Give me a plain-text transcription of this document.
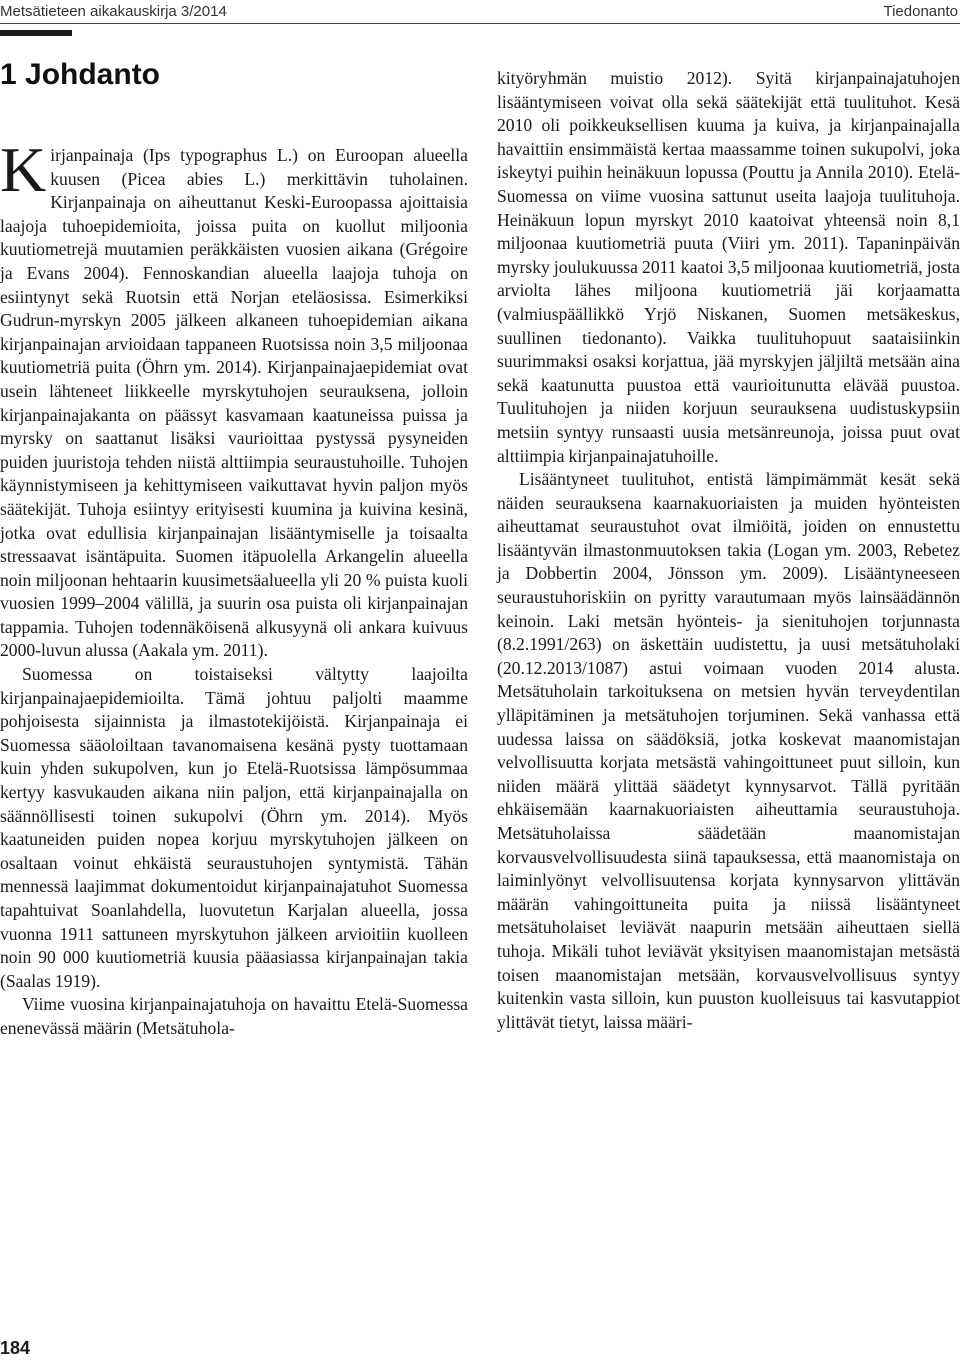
Metsätieteen aikakauskirja 3/2014	Tiedonanto
1 Johdanto

Kirjanpainaja (Ips typographus L.) on Euroopan alueella kuusen (Picea abies L.) merkittävin tuholainen. Kirjanpainaja on aiheuttanut Keski-Euroopassa ajoittaisia laajoja tuhoepidemioita, joissa puita on kuollut miljoonia kuutiometrejä muutamien peräkkäisten vuosien aikana (Grégoire ja Evans 2004). Fennoskandian alueella laajoja tuhoja on esiintynyt sekä Ruotsin että Norjan eteläosissa. Esimerkiksi Gudrun-myrskyn 2005 jälkeen alkaneen tuhoepidemian aikana kirjanpainajan arvioidaan tappaneen Ruotsissa noin 3,5 miljoonaa kuutiometriä puita (Öhrn ym. 2014). Kirjanpainajaepidemiat ovat usein lähteneet liikkeelle myrskytuhojen seurauksena, jolloin kirjanpainajakanta on päässyt kasvamaan kaatuneissa puissa ja myrsky on saattanut lisäksi vaurioittaa pystyssä pysyneiden puiden juuristoja tehden niistä alttiimpia seuraustuhoille. Tuhojen käynnistymiseen ja kehittymiseen vaikuttavat hyvin paljon myös säätekijät. Tuhoja esiintyy erityisesti kuumina ja kuivina kesinä, jotka ovat edullisia kirjanpainajan lisääntymiselle ja toisaalta stressaavat isäntäpuita. Suomen itäpuolella Arkangelin alueella noin miljoonan hehtaarin kuusimetsäalueella yli 20 % puista kuoli vuosien 1999–2004 välillä, ja suurin osa puista oli kirjanpainajan tappamia. Tuhojen todennäköisenä alkusyynä oli ankara kuivuus 2000-luvun alussa (Aakala ym. 2011).

Suomessa on toistaiseksi vältytty laajoilta kirjanpainajaepidemioilta. Tämä johtuu paljolti maamme pohjoisesta sijainnista ja ilmastotekijöistä. Kirjanpainaja ei Suomessa sääoloiltaan tavanomaisena kesänä pysty tuottamaan kuin yhden sukupolven, kun jo Etelä-Ruotsissa lämpösummaa kertyy kasvukauden aikana niin paljon, että kirjanpainajalla on säännöllisesti toinen sukupolvi (Öhrn ym. 2014). Myös kaatuneiden puiden nopea korjuu myrskytuhojen jälkeen on osaltaan voinut ehkäistä seuraustuhojen syntymistä. Tähän mennessä laajimmat dokumentoidut kirjanpainajatuhot Suomessa tapahtuivat Soanlahdella, luovutetun Karjalan alueella, jossa vuonna 1911 sattuneen myrskytuhon jälkeen arvioitiin kuolleen noin 90 000 kuutiometriä kuusia pääasiassa kirjanpainajan takia (Saalas 1919).

Viime vuosina kirjanpainajatuhoja on havaittu Etelä-Suomessa enenevässä määrin (Metsätuhola-

kityöryhmän muistio 2012). Syitä kirjanpainajatuhojen lisääntymiseen voivat olla sekä säätekijät että tuulituhot. Kesä 2010 oli poikkeuksellisen kuuma ja kuiva, ja kirjanpainajalla havaittiin ensimmäistä kertaa maassamme toinen sukupolvi, joka iskeytyi puihin heinäkuun lopussa (Pouttu ja Annila 2010). Etelä-Suomessa on viime vuosina sattunut useita laajoja tuulituhoja. Heinäkuun lopun myrskyt 2010 kaatoivat yhteensä noin 8,1 miljoonaa kuutiometriä puuta (Viiri ym. 2011). Tapaninpäivän myrsky joulukuussa 2011 kaatoi 3,5 miljoonaa kuutiometriä, josta arviolta lähes miljoona kuutiometriä jäi korjaamatta (valmiuspäällikkö Yrjö Niskanen, Suomen metsäkeskus, suullinen tiedonanto). Vaikka tuulituhopuut saataisiinkin suurimmaksi osaksi korjattua, jää myrskyjen jäljiltä metsään aina sekä kaatunutta puustoa että vaurioitunutta elävää puustoa. Tuulituhojen ja niiden korjuun seurauksena uudistuskypsiin metsiin syntyy runsaasti uusia metsänreunoja, joissa puut ovat alttiimpia kirjanpainajatuhoille.

Lisääntyneet tuulituhot, entistä lämpimämmät kesät sekä näiden seurauksena kaarnakuoriaisten ja muiden hyönteisten aiheuttamat seuraustuhot ovat ilmiöitä, joiden on ennustettu lisääntyvän ilmastonmuutoksen takia (Logan ym. 2003, Rebetez ja Dobbertin 2004, Jönsson ym. 2009). Lisääntyneeseen seuraustuhoriskiin on pyritty varautumaan myös lainsäädännön keinoin. Laki metsän hyönteis- ja sienituhojen torjunnasta (8.2.1991/263) on äskettäin uudistettu, ja uusi metsätuholaki (20.12.2013/1087) astui voimaan vuoden 2014 alusta. Metsätuholain tarkoituksena on metsien hyvän terveydentilan ylläpitäminen ja metsätuhojen torjuminen. Sekä vanhassa että uudessa laissa on säädöksiä, jotka koskevat maanomistajan velvollisuutta korjata metsästä vahingoittuneet puut silloin, kun niiden määrä ylittää säädetyt kynnysarvot. Tällä pyritään ehkäisemään kaarnakuoriaisten aiheuttamia seuraustuhoja. Metsätuholaissa säädetään maanomistajan korvausvelvollisuudesta siinä tapauksessa, että maanomistaja on laiminlyönyt velvollisuutensa korjata kynnysarvon ylittävän määrän vahingoittuneita puita ja niissä lisääntyneet metsätuholaiset leviävät naapurin metsään aiheuttaen siellä tuhoja. Mikäli tuhot leviävät yksityisen maanomistajan metsästä toisen maanomistajan metsään, korvausvelvollisuus syntyy kuitenkin vasta silloin, kun puuston kuolleisuus tai kasvutappiot ylittävät tietyt, laissa määri-

184
